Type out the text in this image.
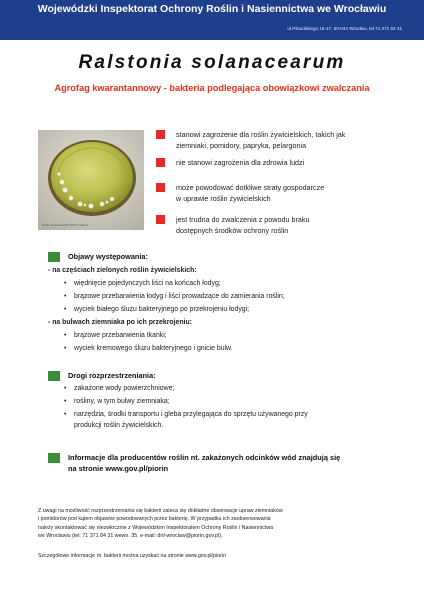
Wojewódzki Inspektorat Ochrony Roślin i Nasiennictwa we Wrocławiu
ul.Piłsudskiego 15-17, 50-044 Wrocław, tel.71 371 84 31
Ralstonia solanacearum
Agrofag kwarantannowy - bakteria podlegająca obowiązkowi zwalczania
Źródło: Fotobank EPPO (EPPO Gallery)
stanowi zagrożenie dla roślin żywicielskich, takich jak
ziemniaki, pomidory, papryka, pelargonia
nie stanowi zagrożenia dla zdrowia ludzi
może powodować dotkliwe straty gospodarcze
w uprawie roślin żywicielskich
jest trudna do zwalczenia z powodu braku
dostępnych środków ochrony roślin
Objawy występowania:
- na częściach zielonych roślin żywicielskich:
• więdnięcie pojedynczych liści na końcach łodyg;
• brązowe przebarwienia łodyg i liści prowadzące do zamierania roślin;
• wyciek białego śluzu bakteryjnego po przekrojeniu łodygi;
- na bulwach ziemniaka po ich przekrojeniu:
• brązowe przebarwienia tkanki;
• wyciek kremowego śluzu bakteryjnego i gnicie bulw.
Drogi rozprzestrzeniania:
• zakażone wody powierzchniowe;
• rośliny, w tym bulwy ziemniaka;
• narzędzia, środki transportu i gleba przylegająca do sprzętu używanego przy
produkcji roślin żywicielskich.
Informacje dla producentów roślin nt. zakażonych odcinków wód znajdują się
na stronie www.gov.pl/piorin
Z uwagi na możliwość rozprzestrzeniania się bakterii zaleca się dokładne obserwacje upraw ziemniaków
i pomidorów pod kątem objawów powodowanych przez bakterię. W przypadku ich zaobserwowania
należy skontaktować się niezwłocznie z Wojewódzkim Inspektoratem Ochrony Roślin i Nasiennictwa
we Wrocławiu (tel: 71 371 84 31 wewn. 35, e-mail: dnf-wroclaw@piorin.gov.pl).
Szczegółowe informacje nt. bakterii można uzyskać na stronie www.gov.pl/piorin
